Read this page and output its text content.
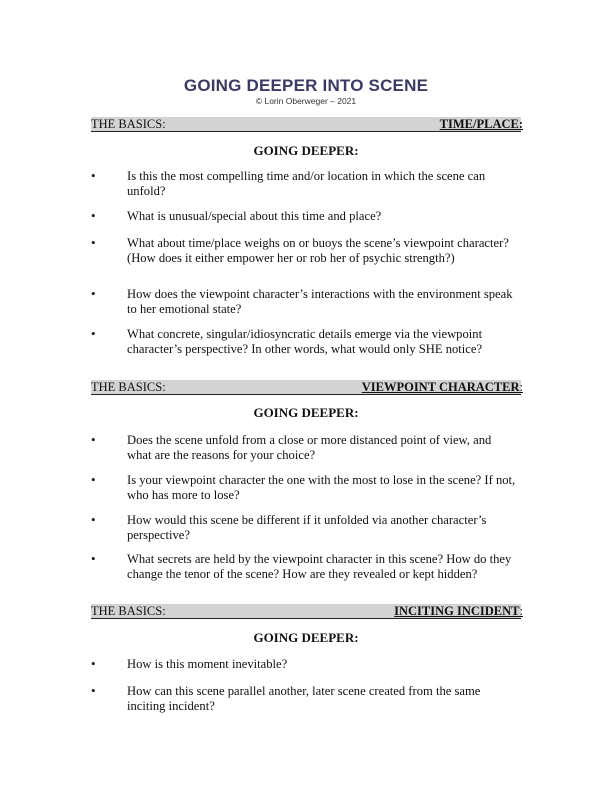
GOING DEEPER INTO SCENE
© Lorin Oberweger – 2021
THE BASICS:	TIME/PLACE:
GOING DEEPER:
• Is this the most compelling time and/or location in which the scene can unfold?
• What is unusual/special about this time and place?
• What about time/place weighs on or buoys the scene’s viewpoint character? (How does it either empower her or rob her of psychic strength?)
• How does the viewpoint character’s interactions with the environment speak to her emotional state?
• What concrete, singular/idiosyncratic details emerge via the viewpoint character’s perspective? In other words, what would only SHE notice?
THE BASICS:	VIEWPOINT CHARACTER:
GOING DEEPER:
• Does the scene unfold from a close or more distanced point of view, and what are the reasons for your choice?
• Is your viewpoint character the one with the most to lose in the scene? If not, who has more to lose?
• How would this scene be different if it unfolded via another character’s perspective?
• What secrets are held by the viewpoint character in this scene? How do they change the tenor of the scene? How are they revealed or kept hidden?
THE BASICS:	INCITING INCIDENT:
GOING DEEPER:
• How is this moment inevitable?
• How can this scene parallel another, later scene created from the same inciting incident?
